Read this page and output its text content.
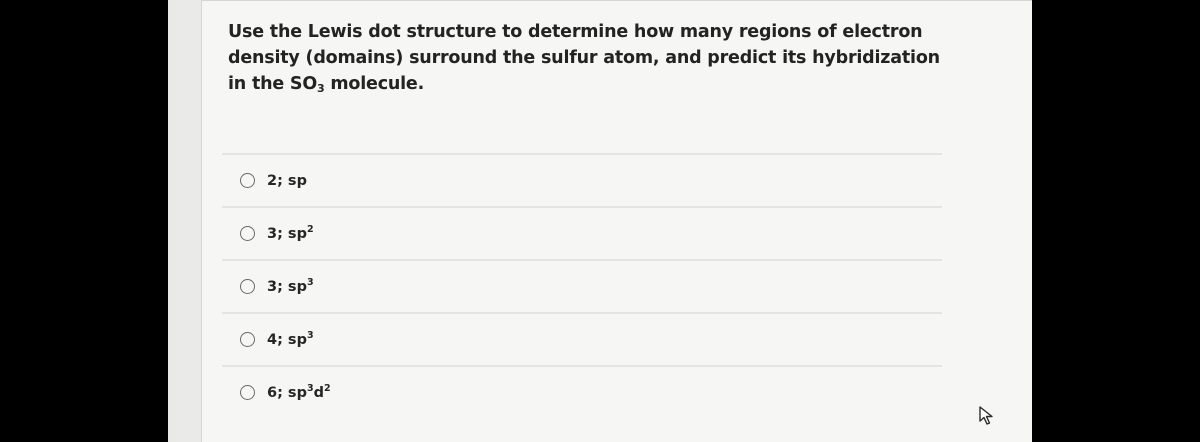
Use the Lewis dot structure to determine how many regions of electron
density (domains) surround the sulfur atom, and predict its hybridization
in the $SO_3$ molecule.
2; sp
3; $sp^2$
3; $sp^3$
4; $sp^3$
6; $sp^3d^2$
